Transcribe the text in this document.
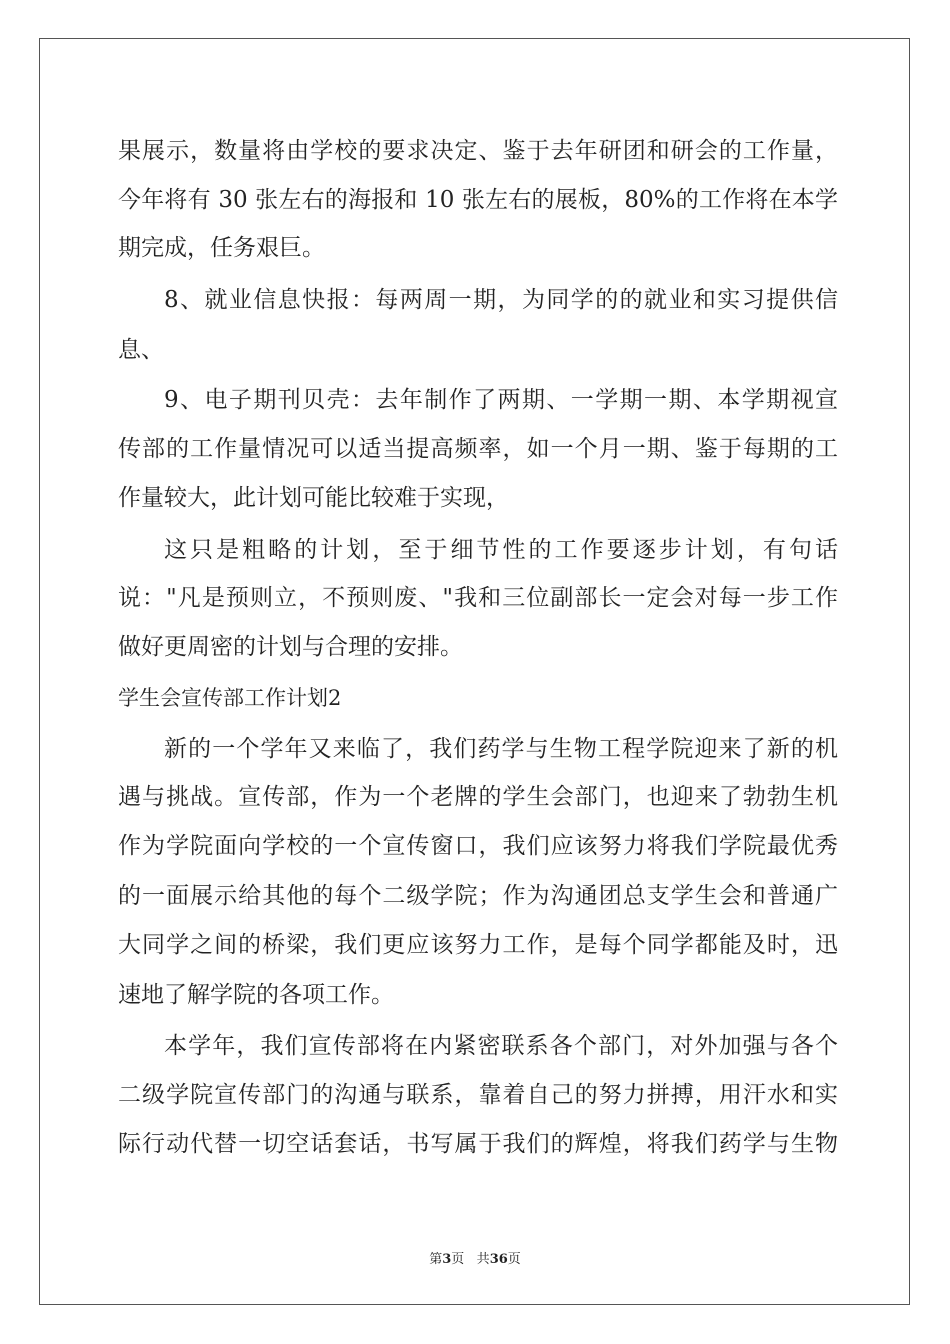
果展示，数量将由学校的要求决定、鉴于去年研团和研会的工作量，
今年将有 30 张左右的海报和 10 张左右的展板，80%的工作将在本学
期完成，任务艰巨。
8、就业信息快报：每两周一期，为同学的的就业和实习提供信
息、
9、电子期刊贝壳：去年制作了两期、一学期一期、本学期视宣
传部的工作量情况可以适当提高频率，如一个月一期、鉴于每期的工
作量较大，此计划可能比较难于实现，
这只是粗略的计划，至于细节性的工作要逐步计划，有句话
说："凡是预则立，不预则废、"我和三位副部长一定会对每一步工作
做好更周密的计划与合理的安排。
学生会宣传部工作计划2
新的一个学年又来临了，我们药学与生物工程学院迎来了新的机
遇与挑战。宣传部，作为一个老牌的学生会部门，也迎来了勃勃生机
作为学院面向学校的一个宣传窗口，我们应该努力将我们学院最优秀
的一面展示给其他的每个二级学院；作为沟通团总支学生会和普通广
大同学之间的桥梁，我们更应该努力工作，是每个同学都能及时，迅
速地了解学院的各项工作。
本学年，我们宣传部将在内紧密联系各个部门，对外加强与各个
二级学院宣传部门的沟通与联系，靠着自己的努力拼搏，用汗水和实
际行动代替一切空话套话，书写属于我们的辉煌，将我们药学与生物
第3页 共36页
